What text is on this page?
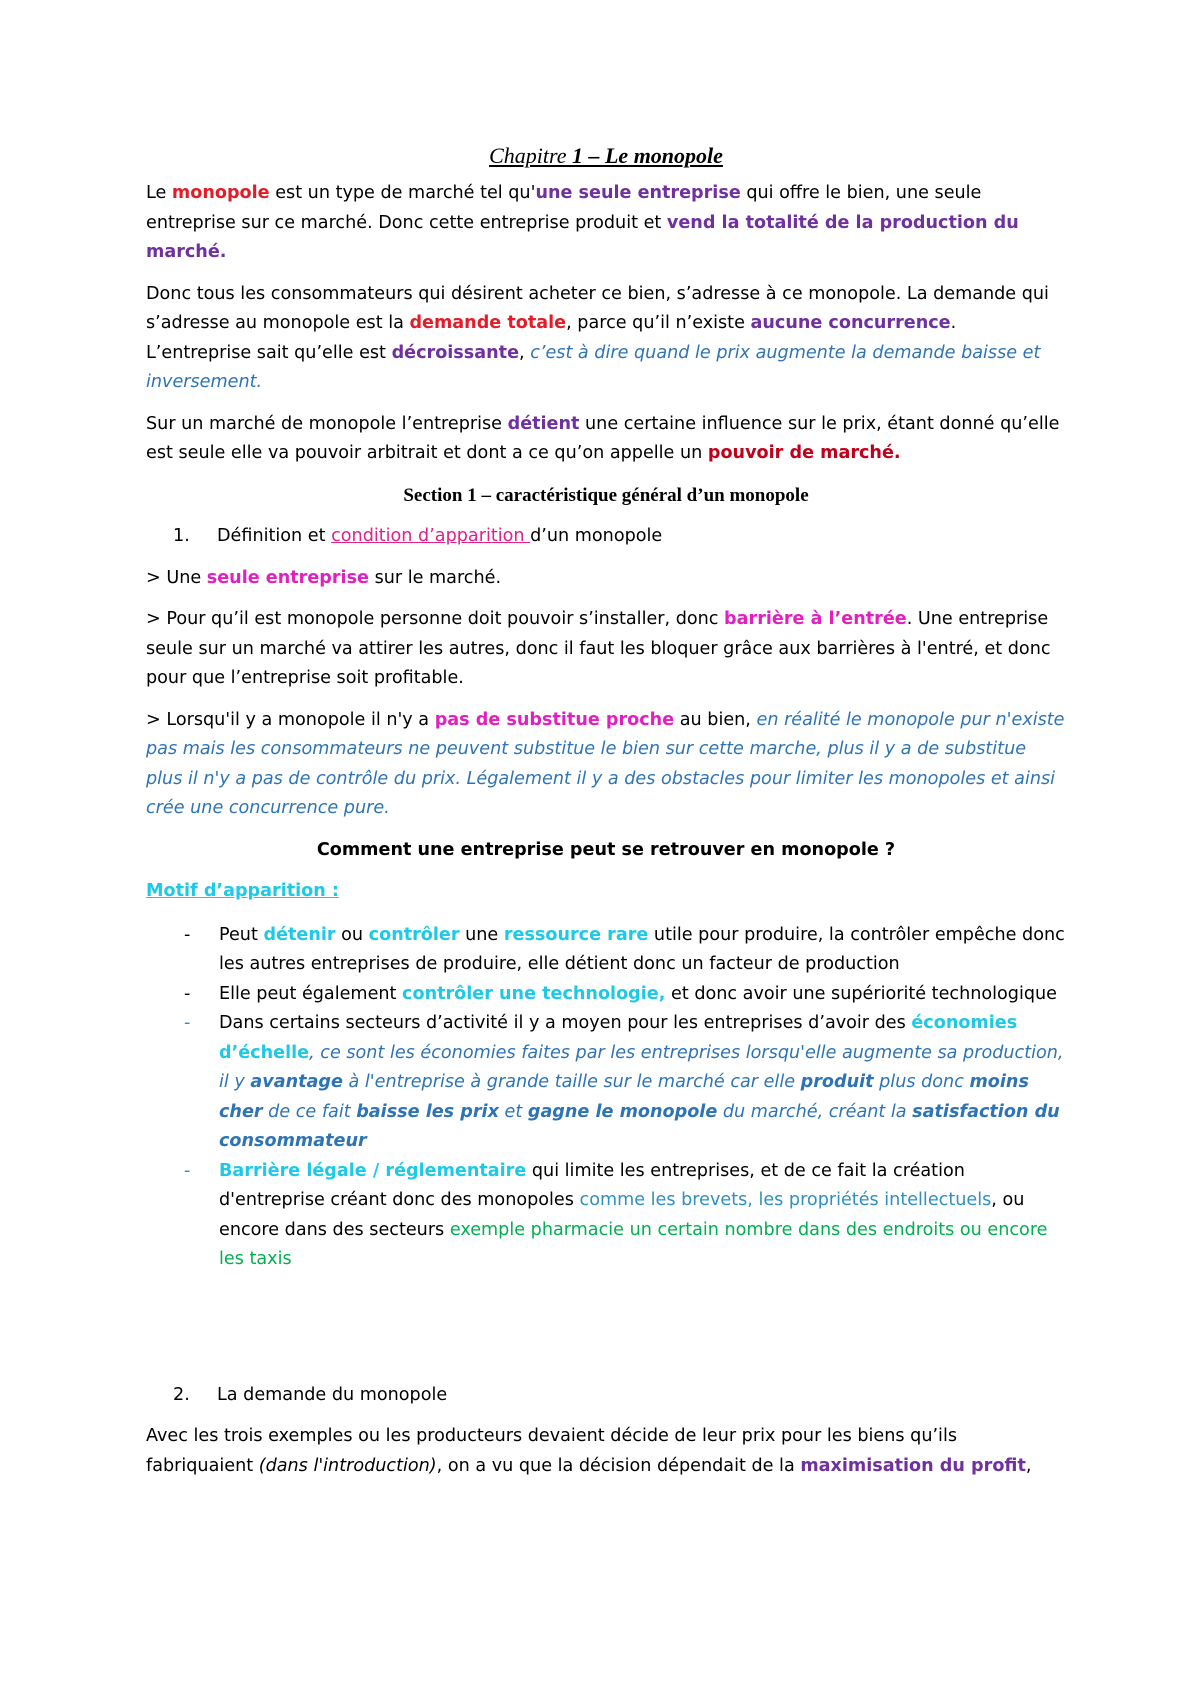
Chapitre 1 – Le monopole

Le monopole est un type de marché tel qu'une seule entreprise qui offre le bien, une seule entreprise sur ce marché. Donc cette entreprise produit et vend la totalité de la production du marché.

Donc tous les consommateurs qui désirent acheter ce bien, s’adresse à ce monopole. La demande qui s’adresse au monopole est la demande totale, parce qu’il n’existe aucune concurrence. L’entreprise sait qu’elle est décroissante, c’est à dire quand le prix augmente la demande baisse et inversement.

Sur un marché de monopole l’entreprise détient une certaine influence sur le prix, étant donné qu’elle est seule elle va pouvoir arbitrait et dont a ce qu’on appelle un pouvoir de marché.

Section 1 – caractéristique général d’un monopole

1. Définition et condition d’apparition d’un monopole

> Une seule entreprise sur le marché.

> Pour qu’il est monopole personne doit pouvoir s’installer, donc barrière à l’entrée. Une entreprise seule sur un marché va attirer les autres, donc il faut les bloquer grâce aux barrières à l'entré, et donc pour que l’entreprise soit profitable.

> Lorsqu'il y a monopole il n'y a pas de substitue proche au bien, en réalité le monopole pur n'existe pas mais les consommateurs ne peuvent substitue le bien sur cette marche, plus il y a de substitue plus il n'y a pas de contrôle du prix. Légalement il y a des obstacles pour limiter les monopoles et ainsi crée une concurrence pure.

Comment une entreprise peut se retrouver en monopole ?

Motif d’apparition :

- Peut détenir ou contrôler une ressource rare utile pour produire, la contrôler empêche donc les autres entreprises de produire, elle détient donc un facteur de production
- Elle peut également contrôler une technologie, et donc avoir une supériorité technologique
- Dans certains secteurs d’activité il y a moyen pour les entreprises d’avoir des économies d’échelle, ce sont les économies faites par les entreprises lorsqu'elle augmente sa production, il y avantage à l'entreprise à grande taille sur le marché car elle produit plus donc moins cher de ce fait baisse les prix et gagne le monopole du marché, créant la satisfaction du consommateur
- Barrière légale / réglementaire qui limite les entreprises, et de ce fait la création d'entreprise créant donc des monopoles comme les brevets, les propriétés intellectuels, ou encore dans des secteurs exemple pharmacie un certain nombre dans des endroits ou encore les taxis

2. La demande du monopole

Avec les trois exemples ou les producteurs devaient décide de leur prix pour les biens qu’ils fabriquaient (dans l'introduction), on a vu que la décision dépendait de la maximisation du profit,
